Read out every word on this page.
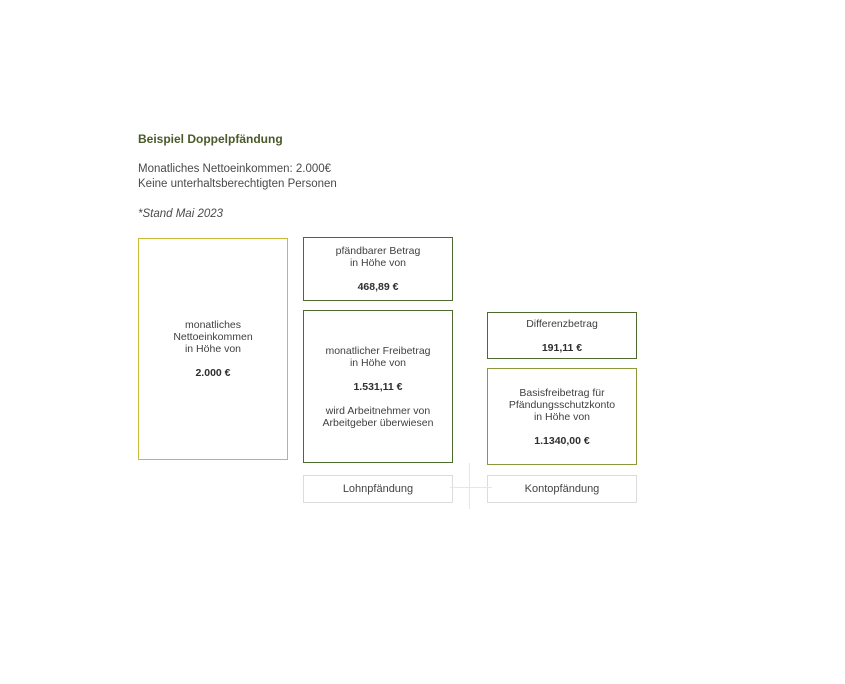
Beispiel Doppelpfändung
Monatliches Nettoeinkommen: 2.000€
Keine unterhaltsberechtigten Personen
*Stand Mai 2023
monatliches
Nettoeinkommen
in Höhe von
2.000 €
pfändbarer Betrag
in Höhe von
468,89 €
monatlicher Freibetrag
in Höhe von
1.531,11 €
wird Arbeitnehmer von
Arbeitgeber überwiesen
Differenzbetrag
191,11 €
Basisfreibetrag für
Pfändungsschutzkonto
in Höhe von
1.1340,00 €
Lohnpfändung	Kontopfändung
